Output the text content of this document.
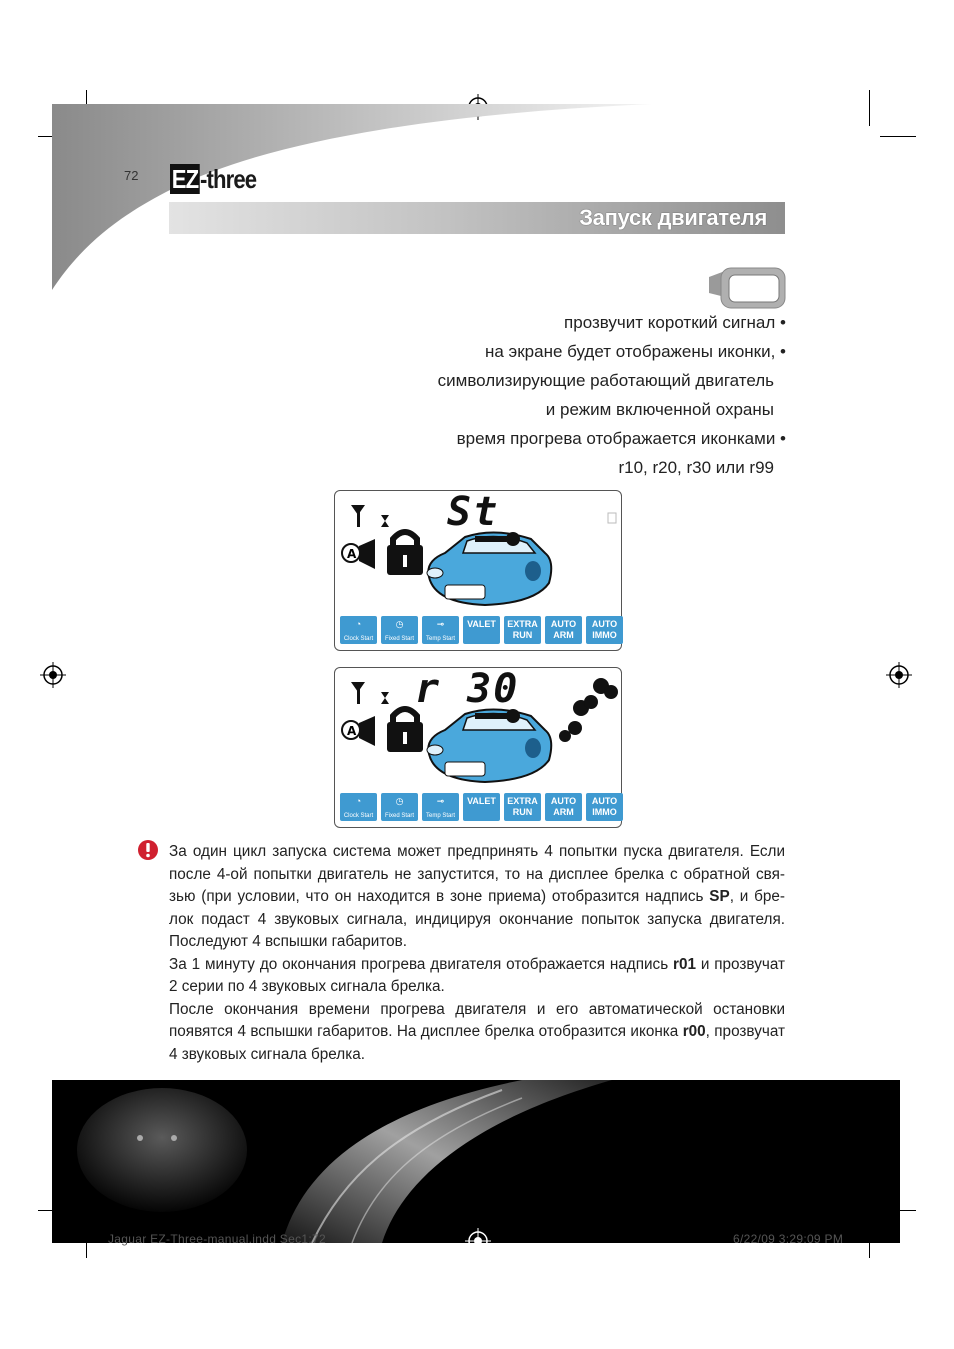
72 EZ-three
Запуск двигателя
прозвучит короткий сигнал •
на экране будет отображены иконки, •
символизирующие работающий двигатель
и режим включенной охраны
время прогрева отображается иконками •
r10, r20, r30 или r99
A
St
◔
Clock Start
◷
Fixed Start
⊸
Temp Start
VALET	EXTRA
RUN
AUTO
ARM
AUTO
IMMO
A
r 30
◔
Clock Start
◷
Fixed Start
⊸
Temp Start
VALET	EXTRA
RUN
AUTO
ARM
AUTO
IMMO

За один цикл запуска система может предпринять 4 попытки пуска двигателя. Если после 4-ой попытки двигатель не запустится, то на дисплее брелка с обратной свя-зью (при условии, что он находится в зоне приема) отобразится надпись SP, и бре-лок подаст 4 звуковых сигнала, индицируя окончание попыток запуска двигателя. Последуют 4 вспышки габаритов.

За 1 минуту до окончания прогрева двигателя отображается надпись r01 и прозвучат 2 серии по 4 звуковых сигнала брелка.

После окончания времени прогрева двигателя и его автоматической остановки появятся 4 вспышки габаритов. На дисплее брелка отобразится иконка r00, прозвучат 4 звуковых сигнала брелка.

Jaguar EZ-Three-manual.indd Sec1:72	6/22/09 3:29:09 PM
